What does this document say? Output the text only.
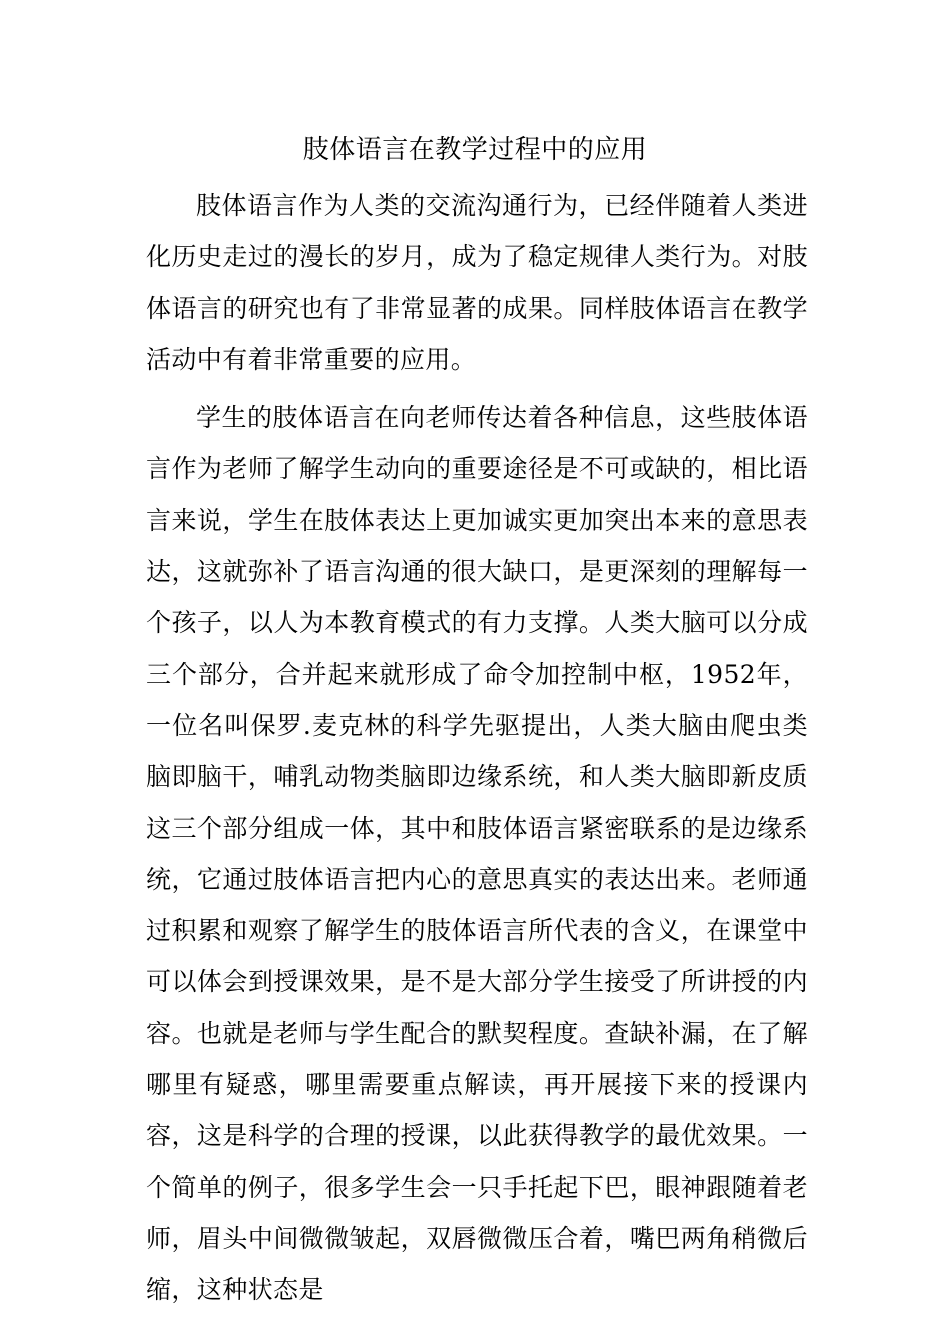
肢体语言在教学过程中的应用

肢体语言作为人类的交流沟通行为，已经伴随着人类进化历史走过的漫长的岁月，成为了稳定规律人类行为。对肢体语言的研究也有了非常显著的成果。同样肢体语言在教学活动中有着非常重要的应用。

学生的肢体语言在向老师传达着各种信息，这些肢体语言作为老师了解学生动向的重要途径是不可或缺的，相比语言来说，学生在肢体表达上更加诚实更加突出本来的意思表达，这就弥补了语言沟通的很大缺口，是更深刻的理解每一个孩子，以人为本教育模式的有力支撑。人类大脑可以分成三个部分，合并起来就形成了命令加控制中枢，1952年，一位名叫保罗.麦克林的科学先驱提出，人类大脑由爬虫类脑即脑干，哺乳动物类脑即边缘系统，和人类大脑即新皮质这三个部分组成一体，其中和肢体语言紧密联系的是边缘系统，它通过肢体语言把内心的意思真实的表达出来。老师通过积累和观察了解学生的肢体语言所代表的含义，在课堂中可以体会到授课效果，是不是大部分学生接受了所讲授的内容。也就是老师与学生配合的默契程度。查缺补漏，在了解哪里有疑惑，哪里需要重点解读，再开展接下来的授课内容，这是科学的合理的授课，以此获得教学的最优效果。一个简单的例子，很多学生会一只手托起下巴，眼神跟随着老师，眉头中间微微皱起，双唇微微压合着，嘴巴两角稍微后缩，这种状态是
